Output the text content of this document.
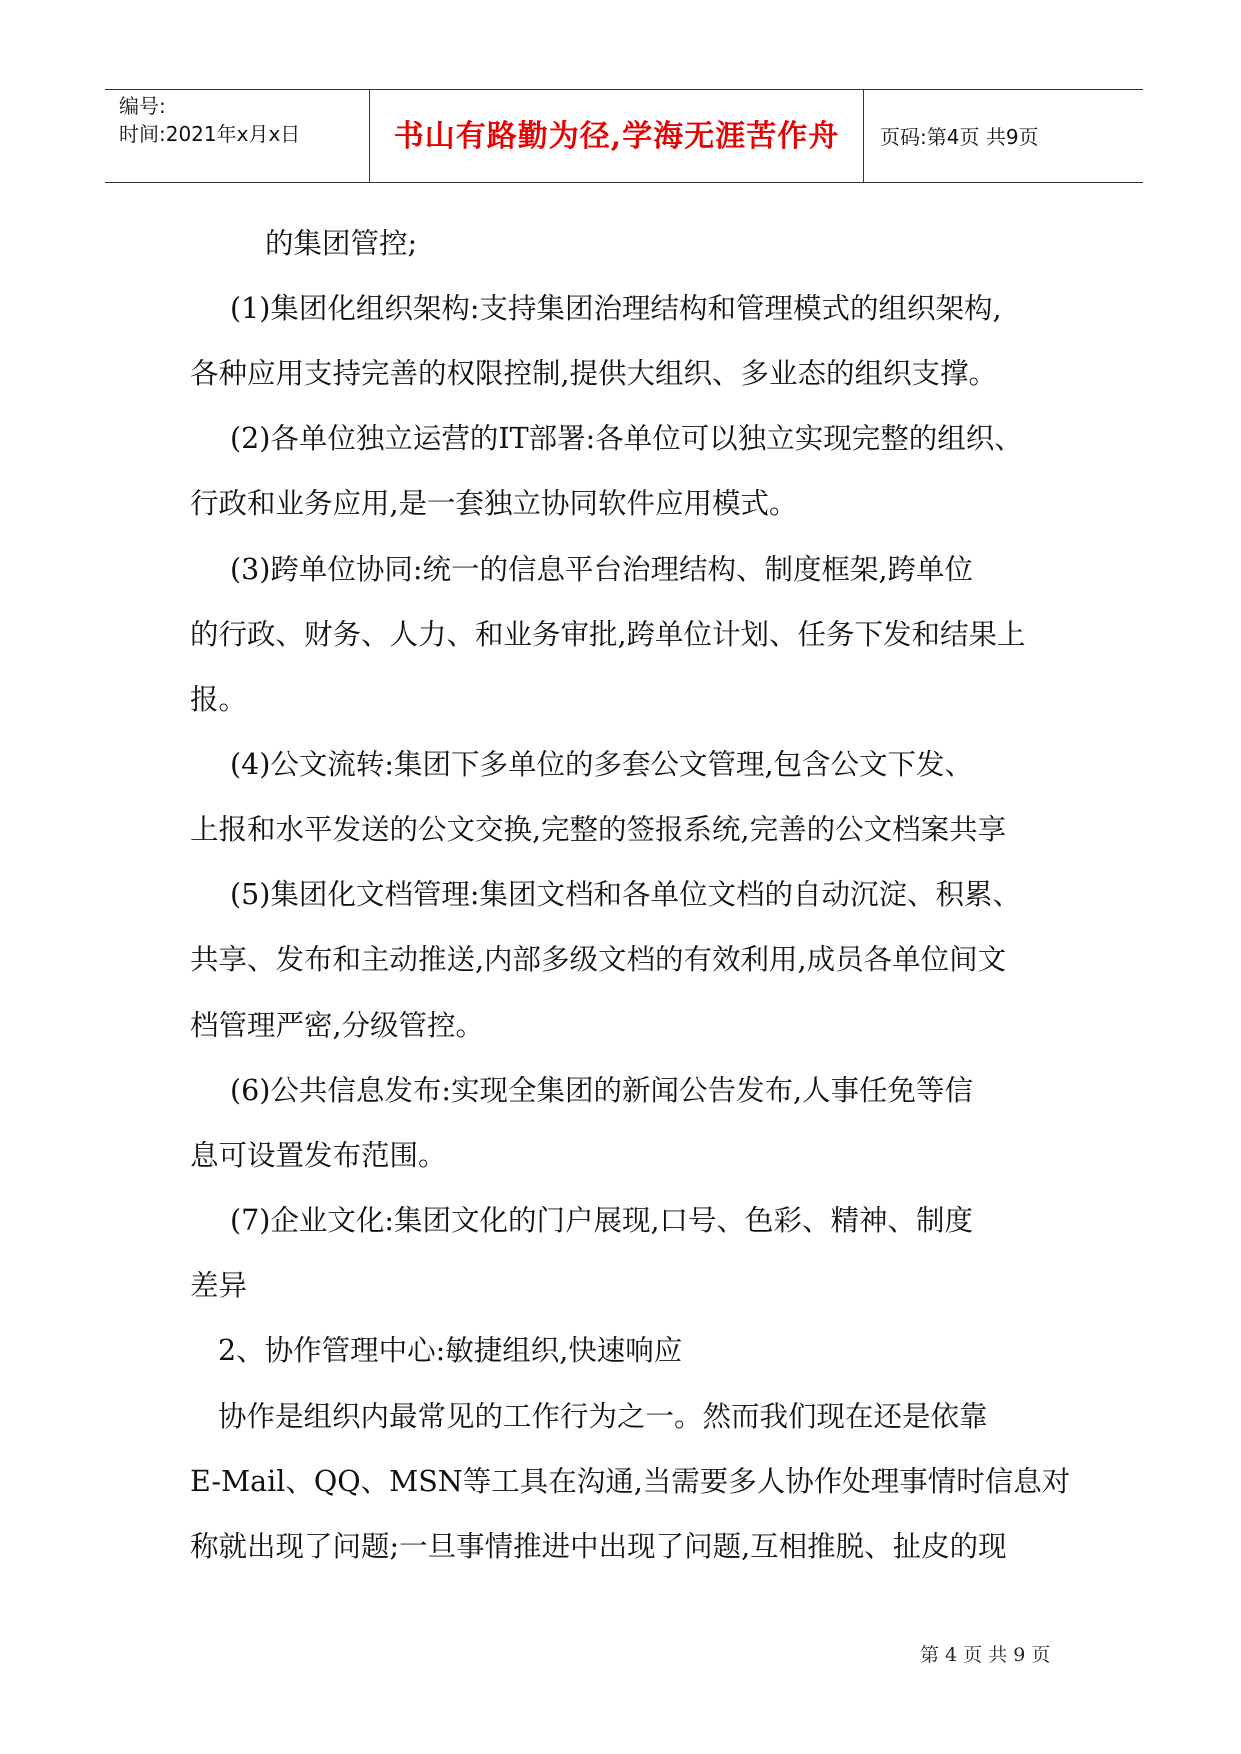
编号:
时间:2021年x月x日	书山有路勤为径,学海无涯苦作舟	页码:第4页 共9页
的集团管控;
(1)集团化组织架构:支持集团治理结构和管理模式的组织架构,
各种应用支持完善的权限控制,提供大组织、多业态的组织支撑。
(2)各单位独立运营的IT部署:各单位可以独立实现完整的组织、
行政和业务应用,是一套独立协同软件应用模式。
(3)跨单位协同:统一的信息平台治理结构、制度框架,跨单位
的行政、财务、人力、和业务审批,跨单位计划、任务下发和结果上
报。
(4)公文流转:集团下多单位的多套公文管理,包含公文下发、
上报和水平发送的公文交换,完整的签报系统,完善的公文档案共享
(5)集团化文档管理:集团文档和各单位文档的自动沉淀、积累、
共享、发布和主动推送,内部多级文档的有效利用,成员各单位间文
档管理严密,分级管控。
(6)公共信息发布:实现全集团的新闻公告发布,人事任免等信
息可设置发布范围。
(7)企业文化:集团文化的门户展现,口号、色彩、精神、制度
差异
2、协作管理中心:敏捷组织,快速响应
协作是组织内最常见的工作行为之一。然而我们现在还是依靠
E-Mail、QQ、MSN等工具在沟通,当需要多人协作处理事情时信息对
称就出现了问题;一旦事情推进中出现了问题,互相推脱、扯皮的现
第 4 页 共 9 页
